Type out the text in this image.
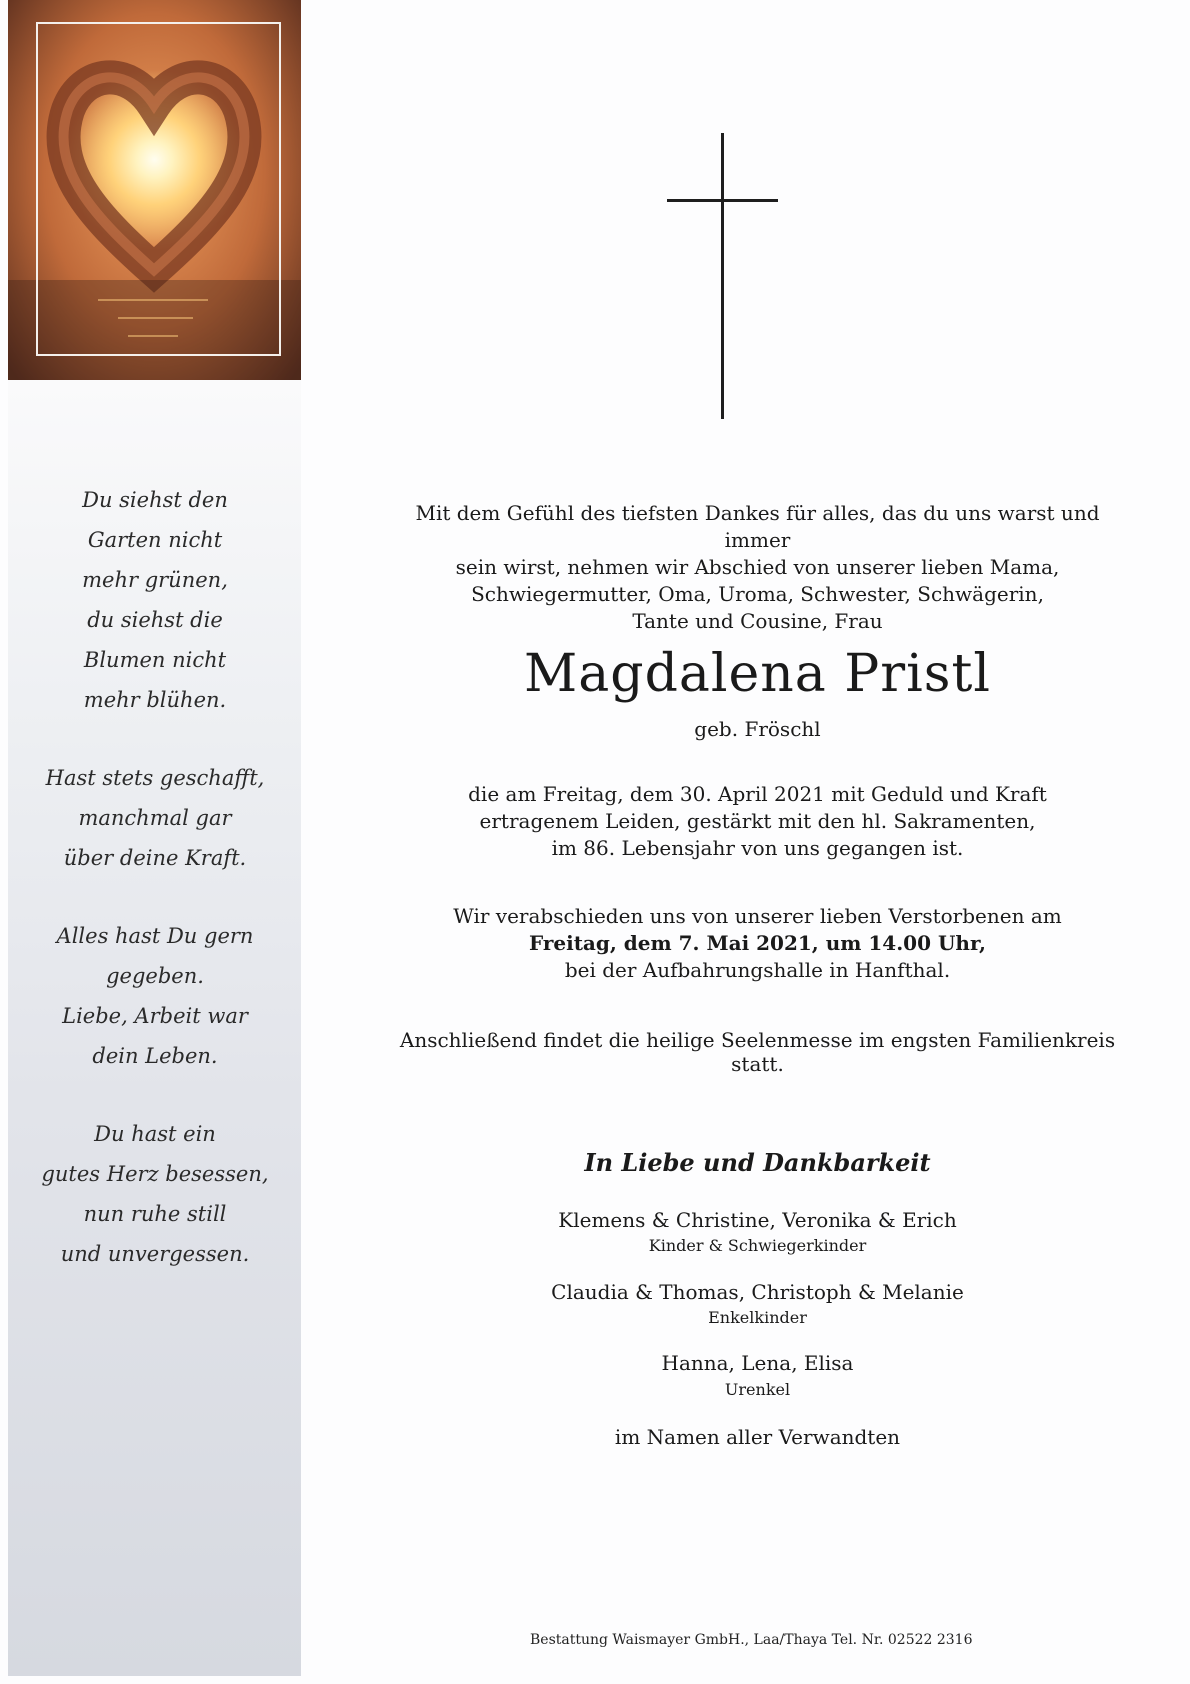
Du siehst den
Garten nicht
mehr grünen,
du siehst die
Blumen nicht
mehr blühen.
Hast stets geschafft,
manchmal gar
über deine Kraft.
Alles hast Du gern
gegeben.
Liebe, Arbeit war
dein Leben.
Du hast ein
gutes Herz besessen,
nun ruhe still
und unvergessen.
Mit dem Gefühl des tiefsten Dankes für alles, das du uns warst und immer
sein wirst, nehmen wir Abschied von unserer lieben Mama,
Schwiegermutter, Oma, Uroma, Schwester, Schwägerin,
Tante und Cousine, Frau
Magdalena Pristl
geb. Fröschl
die am Freitag, dem 30. April 2021 mit Geduld und Kraft
ertragenem Leiden, gestärkt mit den hl. Sakramenten,
im 86. Lebensjahr von uns gegangen ist.
Wir verabschieden uns von unserer lieben Verstorbenen am
Freitag, dem 7. Mai 2021, um 14.00 Uhr,
bei der Aufbahrungshalle in Hanfthal.
Anschließend findet die heilige Seelenmesse im engsten Familienkreis statt.
In Liebe und Dankbarkeit
Klemens & Christine, Veronika & Erich
Kinder & Schwiegerkinder
Claudia & Thomas, Christoph & Melanie
Enkelkinder
Hanna, Lena, Elisa
Urenkel
im Namen aller Verwandten
Bestattung Waismayer GmbH., Laa/Thaya Tel. Nr. 02522 2316
